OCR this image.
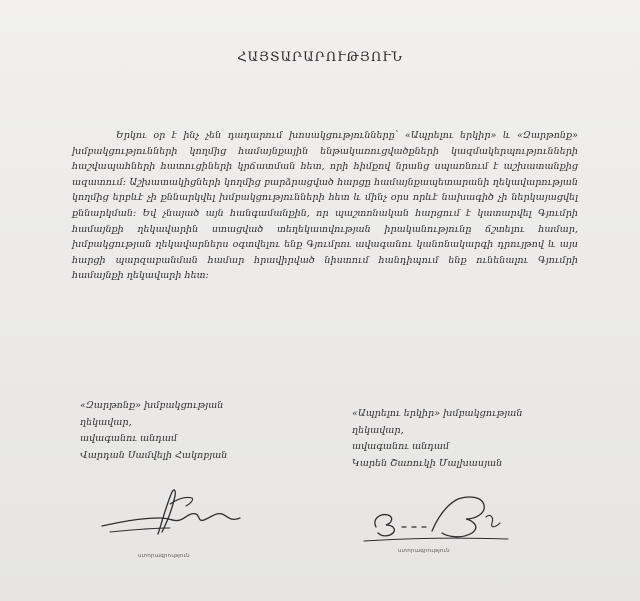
ՀԱՅՏԱՐԱՐՈՒԹՅՈՒՆ

Երկու օր է ինչ չեն դադարում խոսակցությունները՝ «Ապրելու երկիր» և «Զարթոնք» խմբակցությունների կողմից համայնքային ենթակառուցվածքների կազմակերպությունների հաշվապահների հատուցիների կրճատման հետ, որի հիմքով նրանց սպառնում է աշխատանքից ազատում։ Աշխատակիցների կողմից բարձրացված հարցը համայնքապետարանի ղեկավարության կողմից երբևէ չի քննարկվել խմբակցությունների հետ և մինչ օրս որևէ նախագիծ չի ներկայացվել քննարկման։ Եվ չնայած այն հանգամանքին, որ պաշտոնական հարցում է կատարվել Գյումրի համայնքի ղեկավարին ստացված տեղեկատվության իրականությունը ճշտելու համար, խմբակցության ղեկավարներս օգտվելու ենք Գյումրու ավագանու կանոնակարգի դրույթով և այս հարցի պարզաբանման համար հրավիրված նիստում հանդիպում ենք ունենալու Գյումրի համայնքի ղեկավարի հետ։

«Զարթոնք» խմբակցության
ղեկավար,
ավագանու անդամ
Վարդան Սամվելի Հակոբյան
«Ապրելու երկիր» խմբակցության
ղեկավար,
ավագանու անդամ
Կարեն Շառուկի Մալխասյան
ստորագրություն
ստորագրություն
